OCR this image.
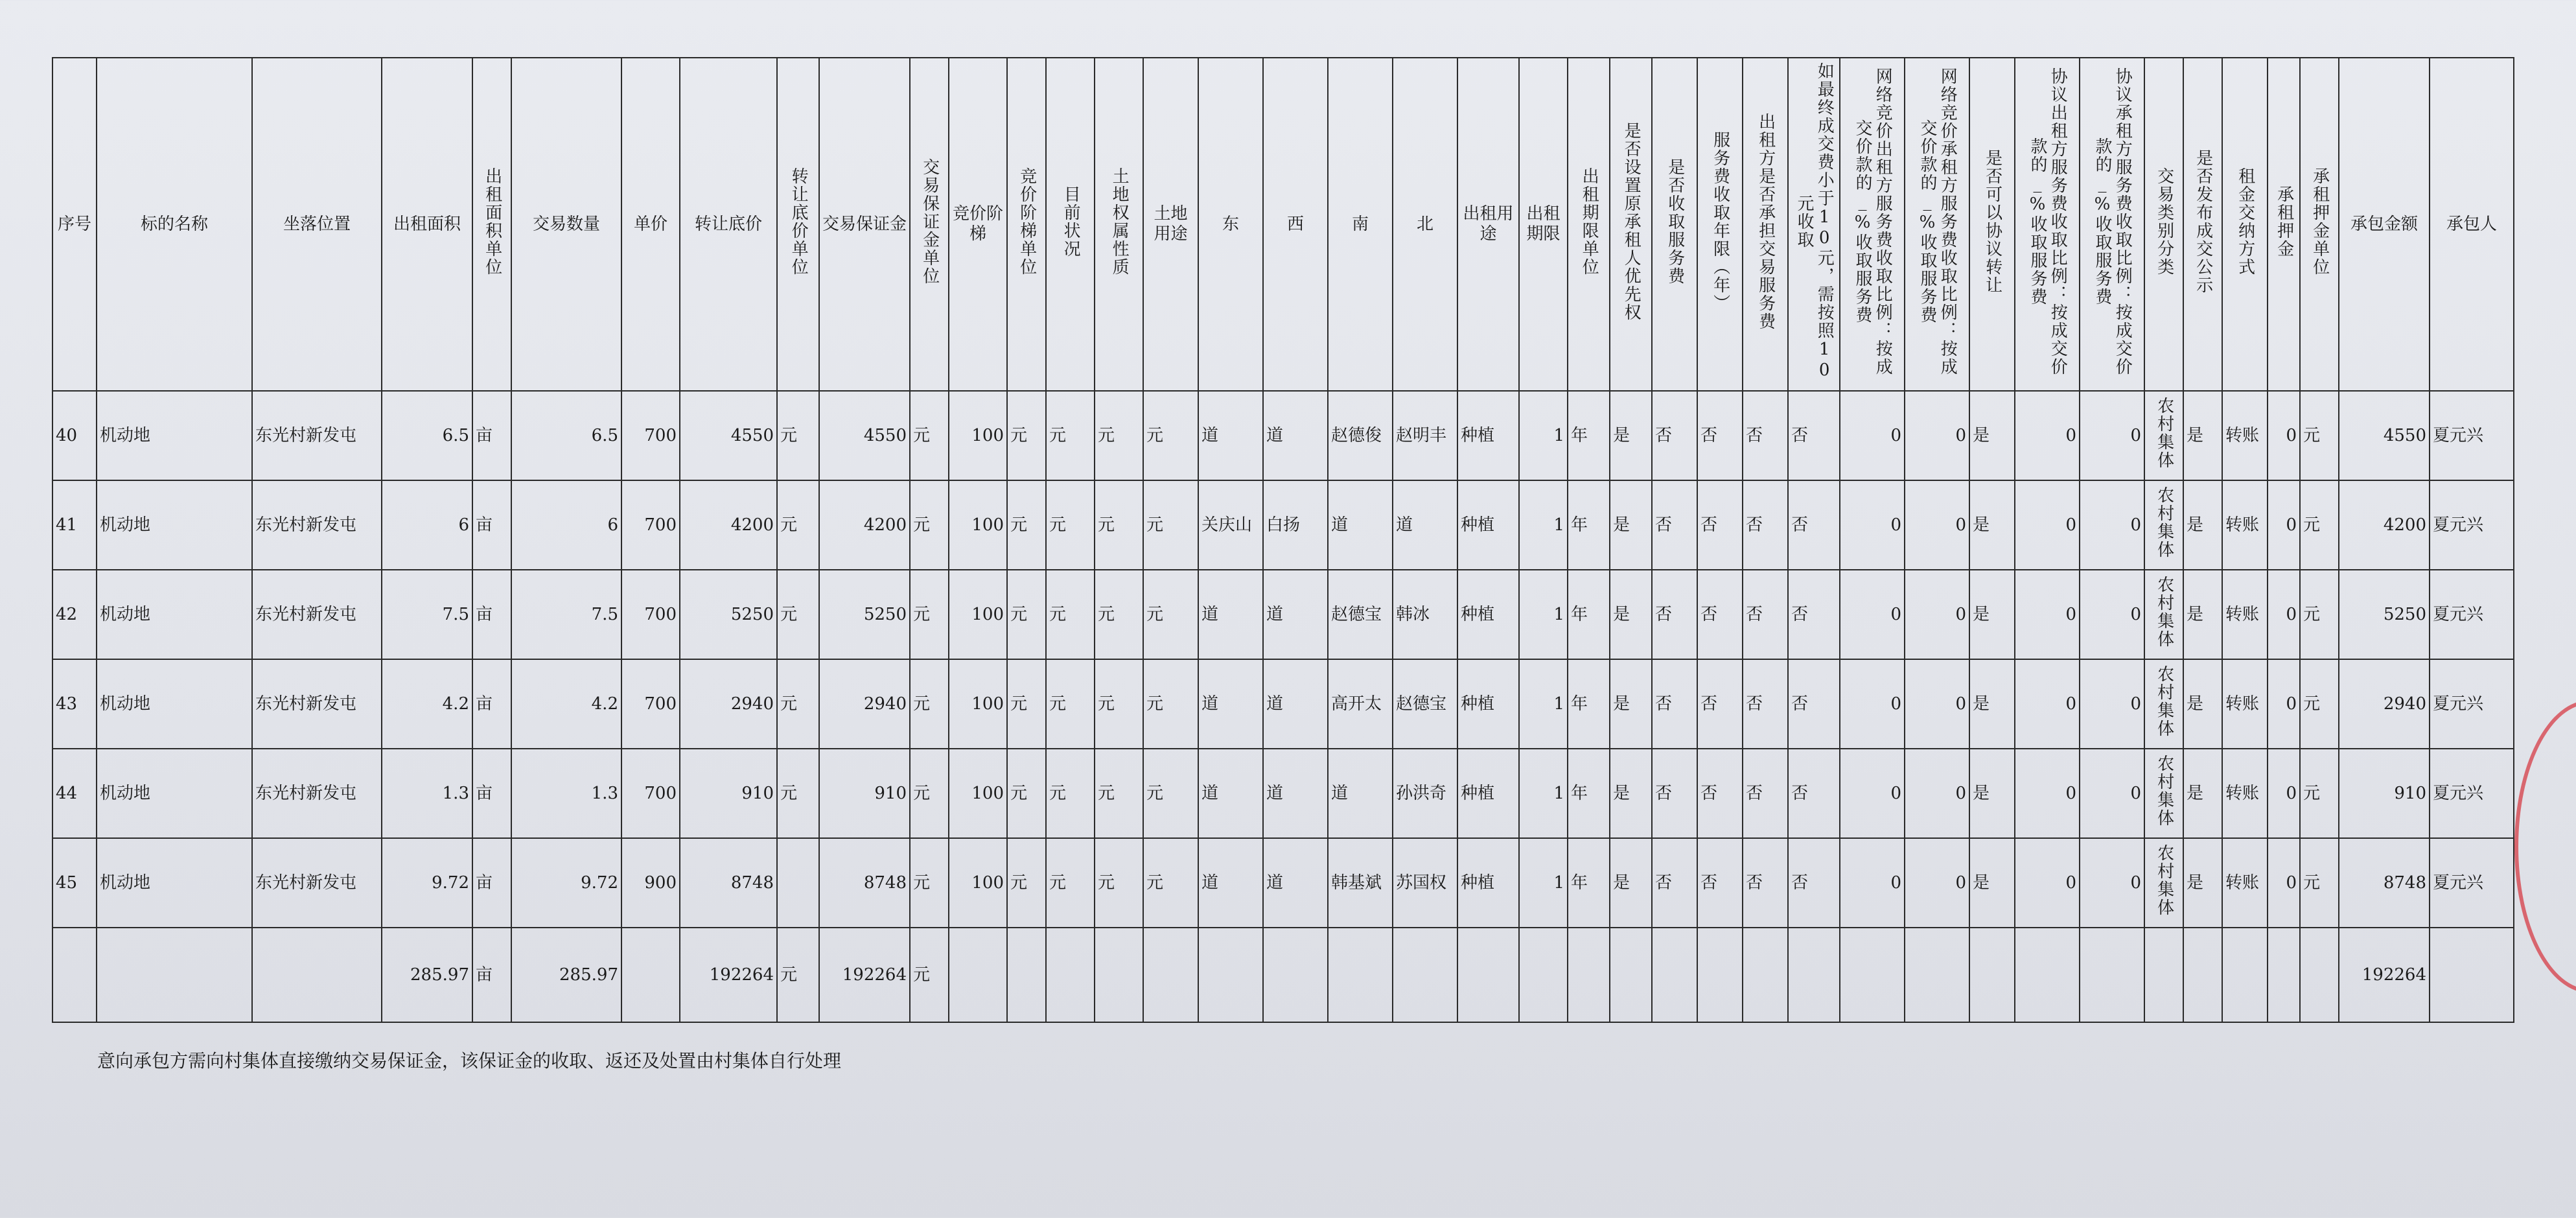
序号	标的名称	坐落位置	出租面积	出租面积单位	交易数量	单价	转让底价	转让底价单位	交易保证金	交易保证金单位	竞价阶梯	竞价阶梯单位	目前状况	土地权属性质	土地用途	东	西	南	北	出租用途	出租期限	出租期限单位	是否设置原承租人优先权	是否收取服务费	服务费收取年限（年）	出租方是否承担交易服务费	如最终成交费小于10元，需按照10元收取	网络竞价出租方服务费收取比例：按成交价款的_%收取服务费	网络竞价承租方服务费收取比例：按成交价款的_%收取服务费	是否可以协议转让	协议出租方服务费收取比例：按成交价款的_%收取服务费	协议承租方服务费收取比例：按成交价款的_%收取服务费	交易类别分类	是否发布成交公示	租金交纳方式	承租押金	承租押金单位	承包金额	承包人
40	机动地	东光村新发屯	6.5	亩	6.5	700	4550	元	4550	元	100	元	元	元	元	道	道	赵德俊	赵明丰	种植	1	年	是	否	否	否	否	0	0	是	0	0	农村集体	是	转账	0	元	4550	夏元兴
41	机动地	东光村新发屯	6	亩	6	700	4200	元	4200	元	100	元	元	元	元	关庆山	白扬	道	道	种植	1	年	是	否	否	否	否	0	0	是	0	0	农村集体	是	转账	0	元	4200	夏元兴
42	机动地	东光村新发屯	7.5	亩	7.5	700	5250	元	5250	元	100	元	元	元	元	道	道	赵德宝	韩冰	种植	1	年	是	否	否	否	否	0	0	是	0	0	农村集体	是	转账	0	元	5250	夏元兴
43	机动地	东光村新发屯	4.2	亩	4.2	700	2940	元	2940	元	100	元	元	元	元	道	道	高开太	赵德宝	种植	1	年	是	否	否	否	否	0	0	是	0	0	农村集体	是	转账	0	元	2940	夏元兴
44	机动地	东光村新发屯	1.3	亩	1.3	700	910	元	910	元	100	元	元	元	元	道	道	道	孙洪奇	种植	1	年	是	否	否	否	否	0	0	是	0	0	农村集体	是	转账	0	元	910	夏元兴
45	机动地	东光村新发屯	9.72	亩	9.72	900	8748		8748	元	100	元	元	元	元	道	道	韩基斌	苏国权	种植	1	年	是	否	否	否	否	0	0	是	0	0	农村集体	是	转账	0	元	8748	夏元兴
			285.97	亩	285.97		192264	元	192264	元																												192264	
意向承包方需向村集体直接缴纳交易保证金，该保证金的收取、返还及处置由村集体自行处理
